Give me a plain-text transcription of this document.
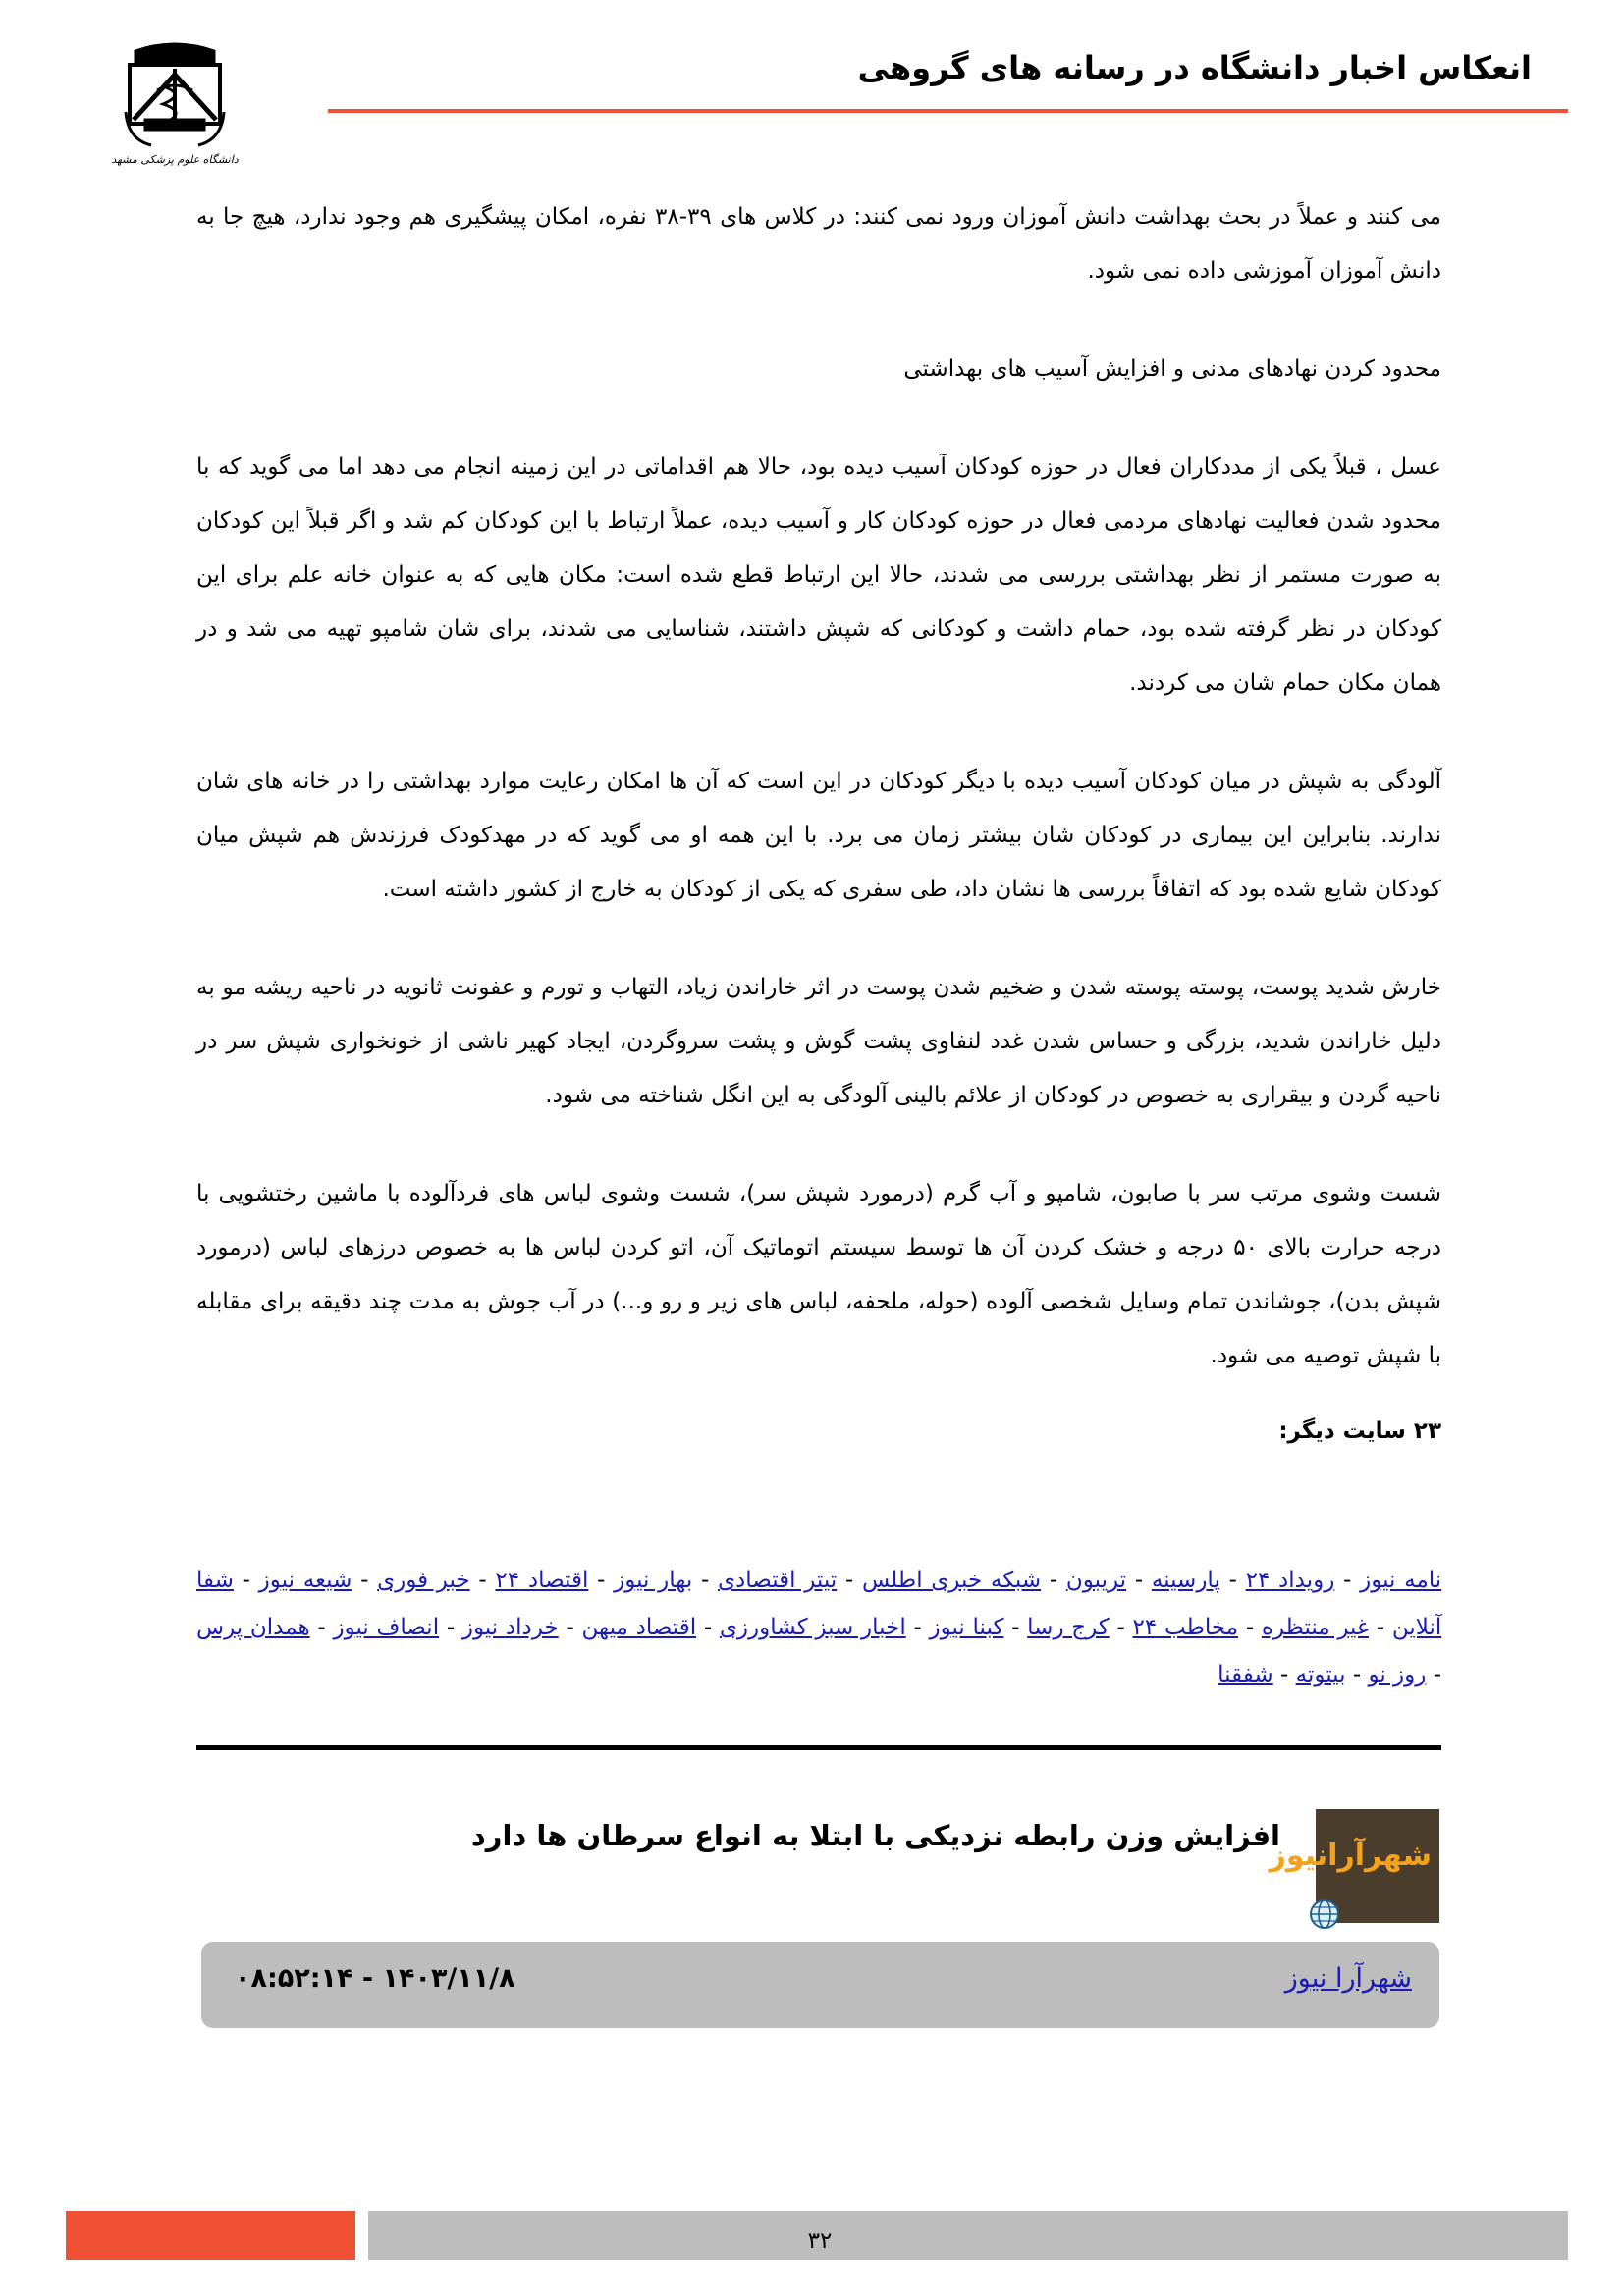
انعکاس اخبار دانشگاه در رسانه های گروهی
دانشگاه علوم پزشکی مشهد

می کنند و عملاً در بحث بهداشت دانش آموزان ورود نمی کنند: در کلاس های ۳۹-۳۸ نفره، امکان پیشگیری هم وجود ندارد، هیچ جا به دانش آموزان آموزشی داده نمی شود.

محدود کردن نهادهای مدنی و افزایش آسیب های بهداشتی

عسل ، قبلاً یکی از مددکاران فعال در حوزه کودکان آسیب دیده بود، حالا هم اقداماتی در این زمینه انجام می دهد اما می گوید که با محدود شدن فعالیت نهادهای مردمی فعال در حوزه کودکان کار و آسیب دیده، عملاً ارتباط با این کودکان کم شد و اگر قبلاً این کودکان به صورت مستمر از نظر بهداشتی بررسی می شدند، حالا این ارتباط قطع شده است: مکان هایی که به عنوان خانه علم برای این کودکان در نظر گرفته شده بود، حمام داشت و کودکانی که شپش داشتند، شناسایی می شدند، برای شان شامپو تهیه می شد و در همان مکان حمام شان می کردند.

آلودگی به شپش در میان کودکان آسیب دیده با دیگر کودکان در این است که آن ها امکان رعایت موارد بهداشتی را در خانه های شان ندارند. بنابراین این بیماری در کودکان شان بیشتر زمان می برد. با این همه او می گوید که در مهدکودک فرزندش هم شپش میان کودکان شایع شده بود که اتفاقاً بررسی ها نشان داد، طی سفری که یکی از کودکان به خارج از کشور داشته است.

خارش شدید پوست، پوسته پوسته شدن و ضخیم شدن پوست در اثر خاراندن زیاد، التهاب و تورم و عفونت ثانویه در ناحیه ریشه مو به دلیل خاراندن شدید، بزرگی و حساس شدن غدد لنفاوی پشت گوش و پشت سروگردن، ایجاد کهیر ناشی از خونخواری شپش سر در ناحیه گردن و بیقراری به خصوص در کودکان از علائم بالینی آلودگی به این انگل شناخته می شود.

شست وشوی مرتب سر با صابون، شامپو و آب گرم (درمورد شپش سر)، شست وشوی لباس های فردآلوده با ماشین رختشویی با درجه حرارت بالای ۵۰ درجه و خشک کردن آن ها توسط سیستم اتوماتیک آن، اتو کردن لباس ها به خصوص درزهای لباس (درمورد شپش بدن)، جوشاندن تمام وسایل شخصی آلوده (حوله، ملحفه، لباس های زیر و رو و...) در آب جوش به مدت چند دقیقه برای مقابله با شپش توصیه می شود.

۲۳ سایت دیگر:

نامه نیوز - رویداد ۲۴ - پارسینه - تریبون - شبکه خبری اطلس - تیتر اقتصادی - بهار نیوز - اقتصاد ۲۴ - خبر فوری - شیعه نیوز - شفا آنلاین - غیر منتظره - مخاطب ۲۴ - کرج رسا - کبنا نیوز - اخبار سبز کشاورزی - اقتصاد میهن - خرداد نیوز - انصاف نیوز - همدان پرس - روز نو - بیتوته - شفقنا
شهرآرانیوز
افزایش وزن رابطه نزدیکی با ابتلا به انواع سرطان ها دارد
شهرآرا نیوز
۱۴۰۳/۱۱/۸ - ۰۸:۵۲:۱۴
۳۲
